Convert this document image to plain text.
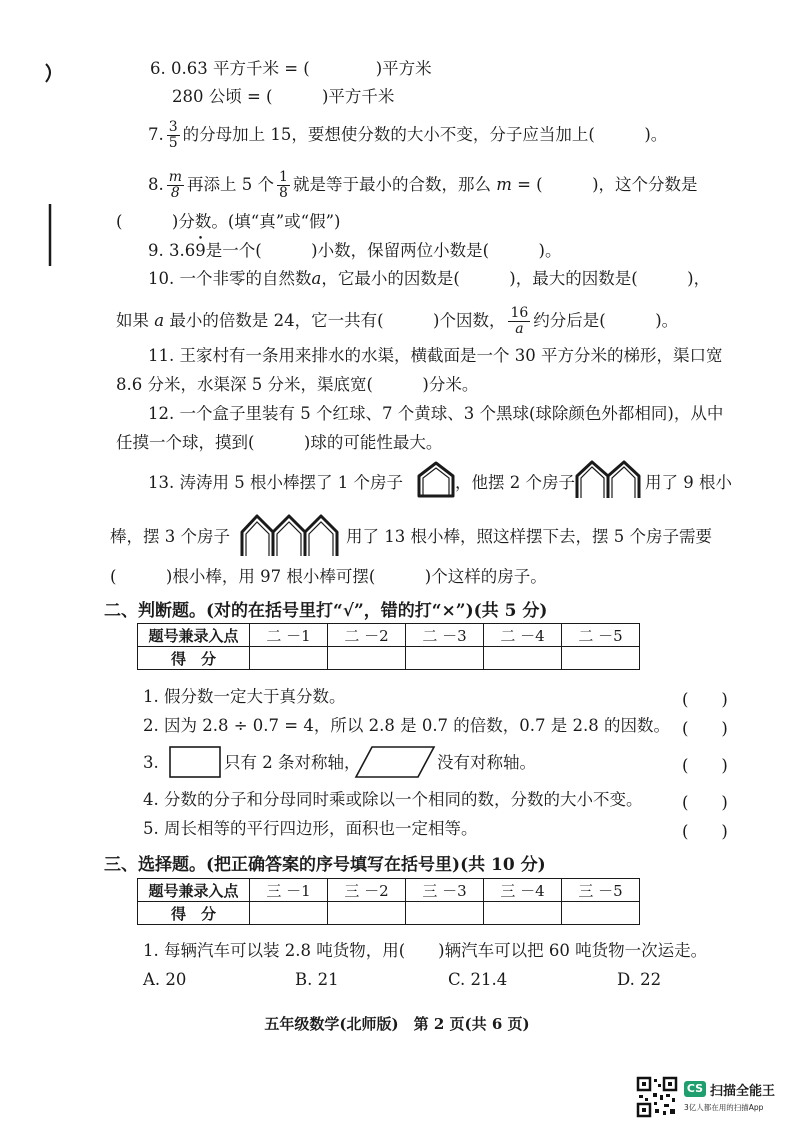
6. 0.63 平方千米 = (　　　　)平方米
280 公顷 = (　　　)平方千米
7. $\frac{3}{5}$ 的分母加上 15，要想使分数的大小不变，分子应当加上(　　　)。
8. $\frac{m}{8}$ 再添上 5 个 $\frac{1}{8}$ 就是等于最小的合数，那么 m = (　　　)，这个分数是
(　　　)分数。(填“真”或“假”)
9. 3.69 •是一个(　　　)小数，保留两位小数是(　　　)。
10. 一个非零的自然数a，它最小的因数是(　　　)，最大的因数是(　　　)，
如果 a 最小的倍数是 24，它一共有(　　　)个因数， $\frac{16}{a}$ 约分后是(　　　)。
11. 王家村有一条用来排水的水渠，横截面是一个 30 平方分米的梯形，渠口宽
8.6 分米，水渠深 5 分米，渠底宽(　　　)分米。
12. 一个盒子里装有 5 个红球、7 个黄球、3 个黑球(球除颜色外都相同)，从中
任摸一个球，摸到(　　　)球的可能性最大。
13. 涛涛用 5 根小棒摆了 1 个房子	，他摆 2 个房子	用了 9 根小
棒，摆 3 个房子	用了 13 根小棒，照这样摆下去，摆 5 个房子需要
(　　　)根小棒，用 97 根小棒可摆(　　　)个这样的房子。
二、判断题。(对的在括号里打“√”，错的打“×”)(共 5 分)
题号兼录入点	二 －1	二 －2	二 －3	二 －4	二 －5
得　分					
1. 假分数一定大于真分数。	(　　)
2. 因为 2.8 ÷ 0.7 = 4，所以 2.8 是 0.7 的倍数，0.7 是 2.8 的因数。 (　　)
3.	只有 2 条对称轴，	没有对称轴。	(　　)
4. 分数的分子和分母同时乘或除以一个相同的数，分数的大小不变。 (　　)
5. 周长相等的平行四边形，面积也一定相等。	(　　)
三、选择题。(把正确答案的序号填写在括号里)(共 10 分)
题号兼录入点	三 －1	三 －2	三 －3	三 －4	三 －5
得　分					
1. 每辆汽车可以装 2.8 吨货物，用(　　)辆汽车可以把 60 吨货物一次运走。
A. 20	B. 21	C. 21.4	D. 22
五年级数学(北师版)　第 2 页(共 6 页)
CS 扫描全能王
3亿人都在用的扫描App
